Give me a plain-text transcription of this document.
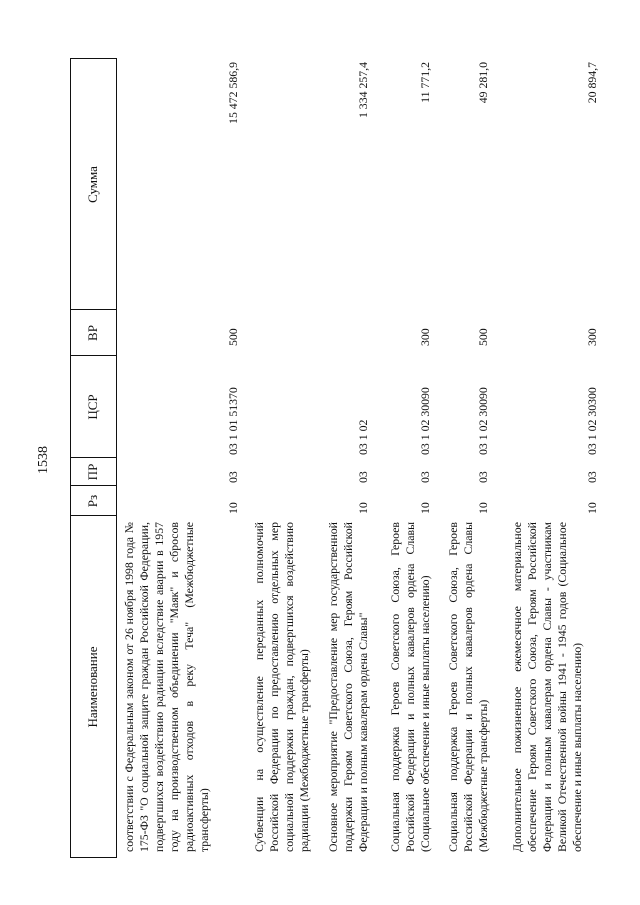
1538
Наименование
Рз
ПР
ЦСР
ВР
Сумма
соответствии с Федеральным законом от 26 ноября 1998 года № 175-ФЗ "О социальной защите граждан Российской Федерации, подвергшихся воздействию радиации вследствие аварии в 1957 году на производственном объединении "Маяк" и сбросов радиоактивных отходов в реку Теча" (Межбюджетные трансферты)
10
03
03 1 01 51370
500
15 472 586,9
Субвенции на осуществление переданных полномочий Российской Федерации по предоставлению отдельных мер социальной поддержки граждан, подвергшихся воздействию радиации (Межбюджетные трансферты) Основное мероприятие "Предоставление мер государственной поддержки Героям Советского Союза, Героям Российской Федерации и полным кавалерам ордена Славы"
10
03
03 1 02
1 334 257,4
Социальная поддержка Героев Советского Союза, Героев Российской Федерации и полных кавалеров ордена Славы (Социальное обеспечение и иные выплаты населению)
10
03
03 1 02 30090
300
11 771,2
Социальная поддержка Героев Советского Союза, Героев Российской Федерации и полных кавалеров ордена Славы (Межбюджетные трансферты)
10
03
03 1 02 30090
500
49 281,0
Дополнительное пожизненное ежемесячное материальное обеспечение Героям Советского Союза, Героям Российской Федерации и полным кавалерам ордена Славы - участникам Великой Отечественной войны 1941 - 1945 годов (Социальное обеспечение и иные выплаты населению)
10
03
03 1 02 30300
300
20 894,7
